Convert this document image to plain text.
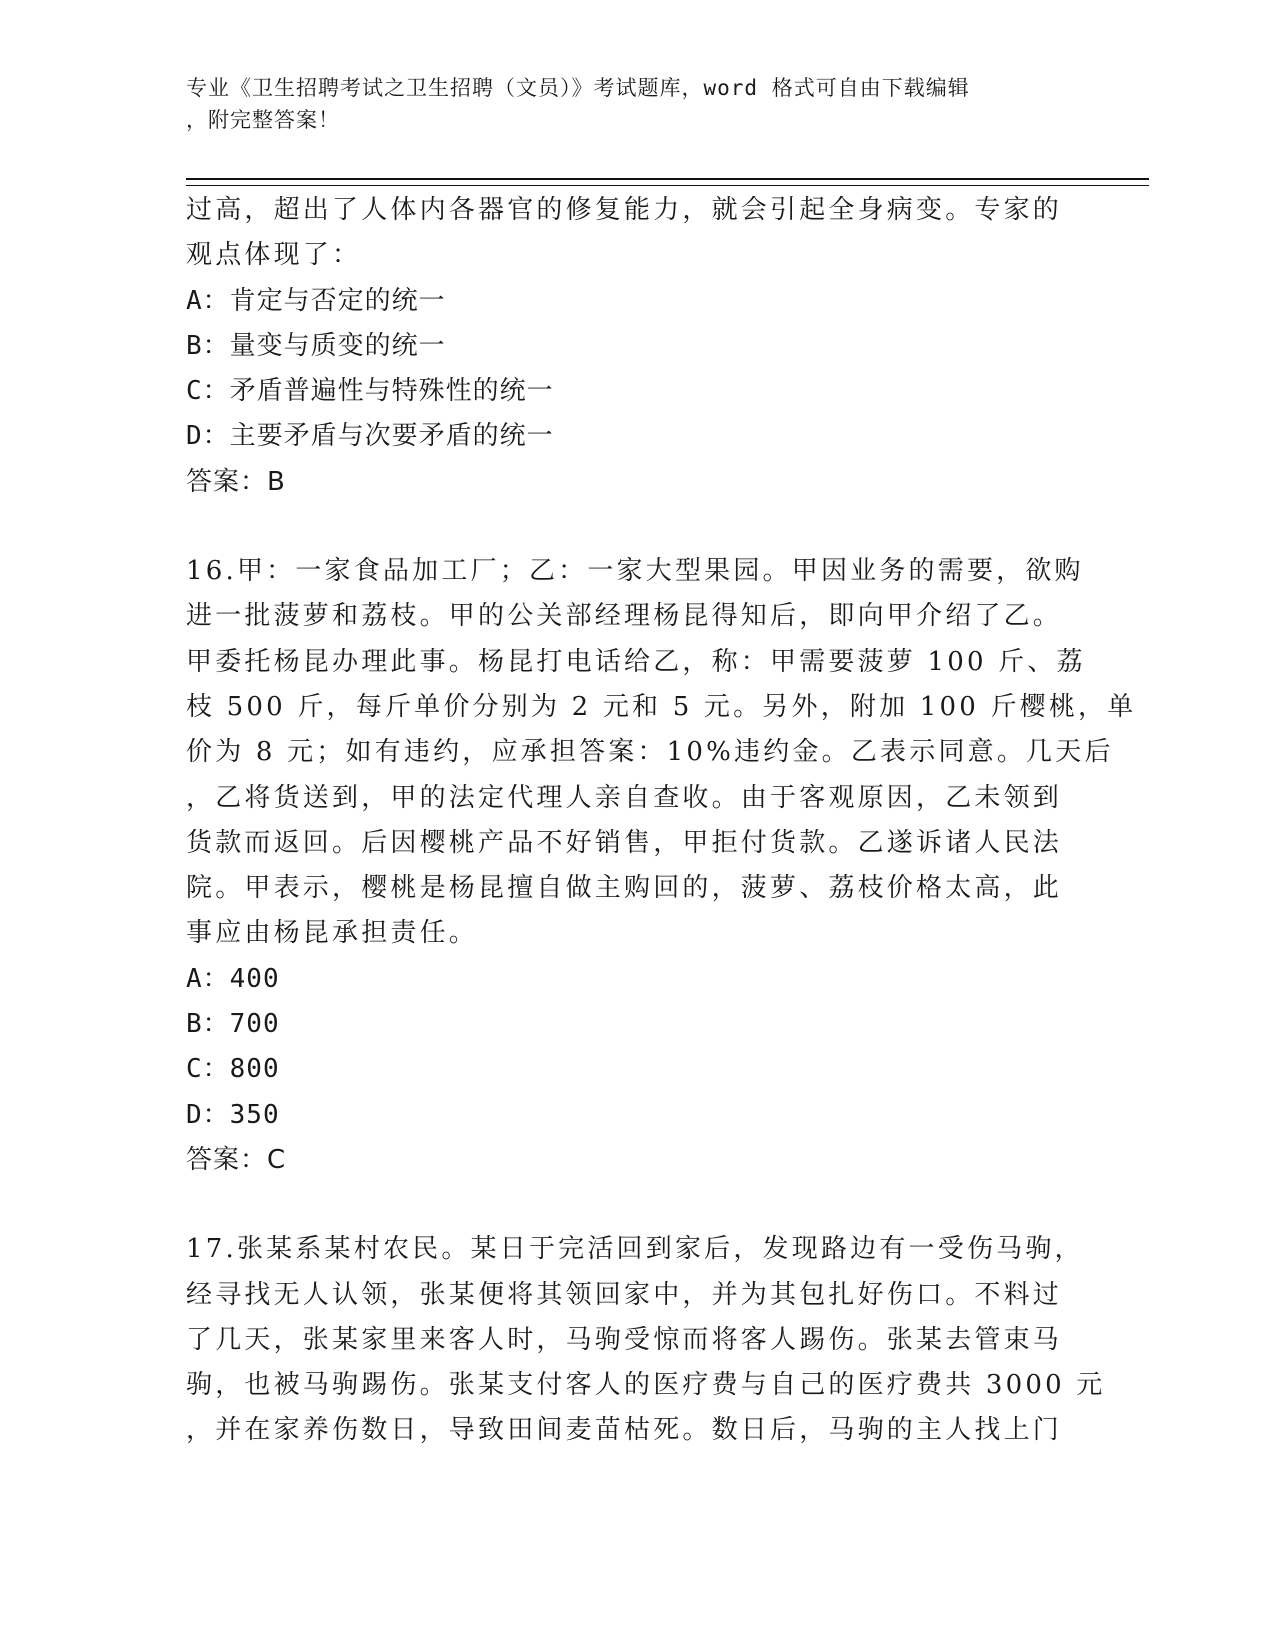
专业《卫生招聘考试之卫生招聘（文员）》考试题库，word 格式可自由下载编辑
，附完整答案！
过高，超出了人体内各器官的修复能力，就会引起全身病变。专家的
观点体现了：
A：肯定与否定的统一
B：量变与质变的统一
C：矛盾普遍性与特殊性的统一
D：主要矛盾与次要矛盾的统一
答案：B
16.甲：一家食品加工厂；乙：一家大型果园。甲因业务的需要，欲购
进一批菠萝和荔枝。甲的公关部经理杨昆得知后，即向甲介绍了乙。
甲委托杨昆办理此事。杨昆打电话给乙，称：甲需要菠萝 100 斤、荔
枝 500 斤，每斤单价分别为 2 元和 5 元。另外，附加 100 斤樱桃，单
价为 8 元；如有违约，应承担答案：10%违约金。乙表示同意。几天后
，乙将货送到，甲的法定代理人亲自查收。由于客观原因，乙未领到
货款而返回。后因樱桃产品不好销售，甲拒付货款。乙遂诉诸人民法
院。甲表示，樱桃是杨昆擅自做主购回的，菠萝、荔枝价格太高，此
事应由杨昆承担责任。
A：400
B：700
C：800
D：350
答案：C
17.张某系某村农民。某日于完活回到家后，发现路边有一受伤马驹，
经寻找无人认领，张某便将其领回家中，并为其包扎好伤口。不料过
了几天，张某家里来客人时，马驹受惊而将客人踢伤。张某去管束马
驹，也被马驹踢伤。张某支付客人的医疗费与自己的医疗费共 3000 元
，并在家养伤数日，导致田间麦苗枯死。数日后，马驹的主人找上门
